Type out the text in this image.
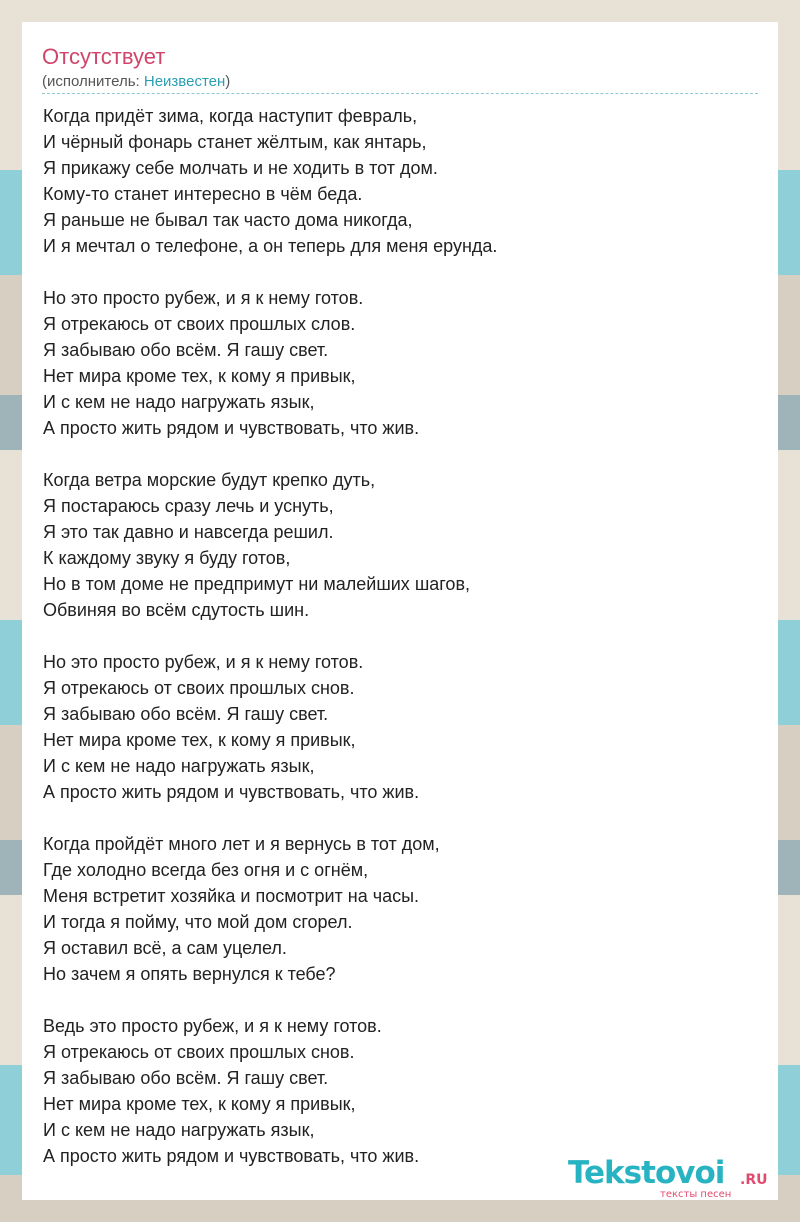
Отсутствует
(исполнитель: Неизвестен)
Когда придёт зима, когда наступит февраль,
И чёрный фонарь станет жёлтым, как янтарь,
Я прикажу себе молчать и не ходить в тот дом.
Кому-то станет интересно в чём беда.
Я раньше не бывал так часто дома никогда,
И я мечтал о телефоне, а он теперь для меня ерунда.
Но это просто рубеж, и я к нему готов.
Я отрекаюсь от своих прошлых слов.
Я забываю обо всём. Я гашу свет.
Нет мира кроме тех, к кому я привык,
И с кем не надо нагружать язык,
А просто жить рядом и чувствовать, что жив.
Когда ветра морские будут крепко дуть,
Я постараюсь сразу лечь и уснуть,
Я это так давно и навсегда решил.
К каждому звуку я буду готов,
Но в том доме не предпримут ни малейших шагов,
Обвиняя во всём сдутость шин.
Но это просто рубеж, и я к нему готов.
Я отрекаюсь от своих прошлых снов.
Я забываю обо всём. Я гашу свет.
Нет мира кроме тех, к кому я привык,
И с кем не надо нагружать язык,
А просто жить рядом и чувствовать, что жив.
Когда пройдёт много лет и я вернусь в тот дом,
Где холодно всегда без огня и с огнём,
Меня встретит хозяйка и посмотрит на часы.
И тогда я пойму, что мой дом сгорел.
Я оставил всё, а сам уцелел.
Но зачем я опять вернулся к тебе?
Ведь это просто рубеж, и я к нему готов.
Я отрекаюсь от своих прошлых снов.
Я забываю обо всём. Я гашу свет.
Нет мира кроме тех, к кому я привык,
И с кем не надо нагружать язык,
А просто жить рядом и чувствовать, что жив.	Tekstovoi .RU
тексты песен
